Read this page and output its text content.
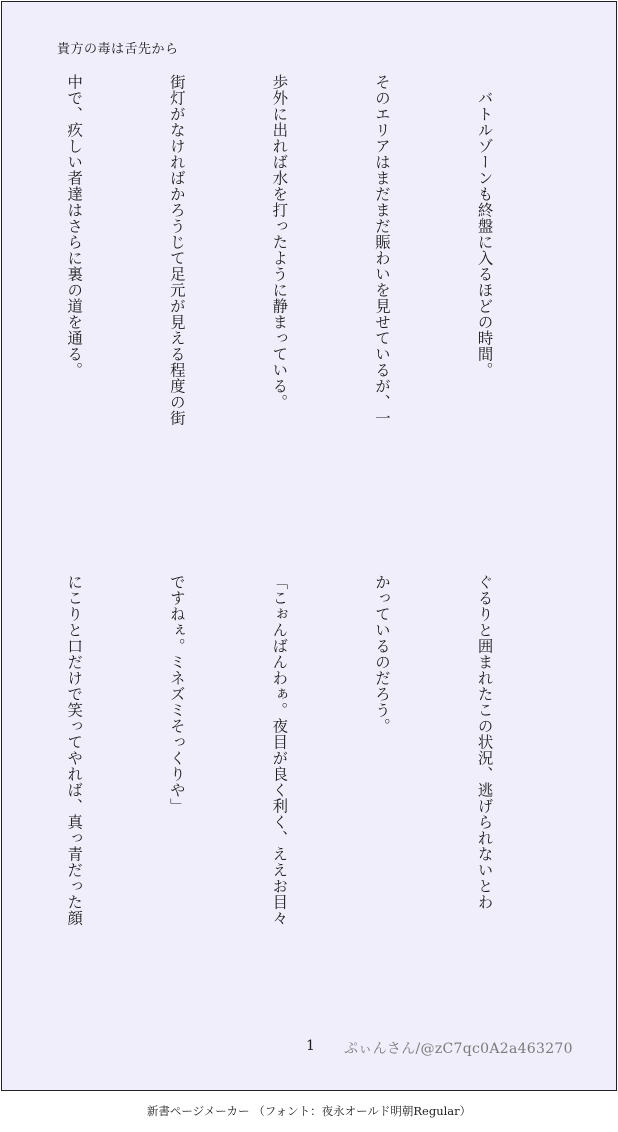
貴方の毒は舌先から

　バトルゾーンも終盤に入るほどの時間。

そのエリアはまだまだ賑わいを見せているが、一

歩外に出れば水を打ったように静まっている。

街灯がなければかろうじて足元が見える程度の街

中で、疚しい者達はさらに裏の道を通る。

ぐるりと囲まれたこの状況、逃げられないとわ

かっているのだろう。

「こぉんばんわぁ。夜目が良く利く、ええお目々

ですねぇ。ミネズミそっくりや」

にこりと口だけで笑ってやれば、真っ青だった顔

1 ぷぃんさん/@zC7qc0A2a463270
新書ページメーカー （フォント：夜永オールド明朝Regular）
